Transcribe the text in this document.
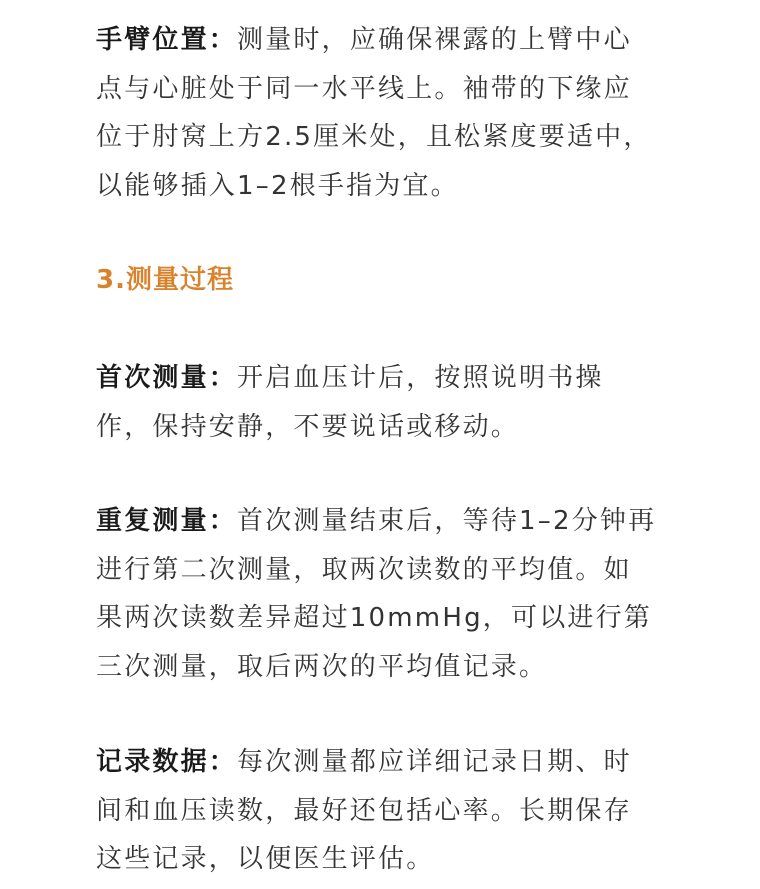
手臂位置：测量时，应确保裸露的上臂中心
点与心脏处于同一水平线上。袖带的下缘应
位于肘窝上方2.5厘米处，且松紧度要适中，
以能够插入1–2根手指为宜。

3.测量过程

首次测量：开启血压计后，按照说明书操
作，保持安静，不要说话或移动。

重复测量：首次测量结束后，等待1–2分钟再
进行第二次测量，取两次读数的平均值。如
果两次读数差异超过10mmHg，可以进行第
三次测量，取后两次的平均值记录。

记录数据：每次测量都应详细记录日期、时
间和血压读数，最好还包括心率。长期保存
这些记录，以便医生评估。
